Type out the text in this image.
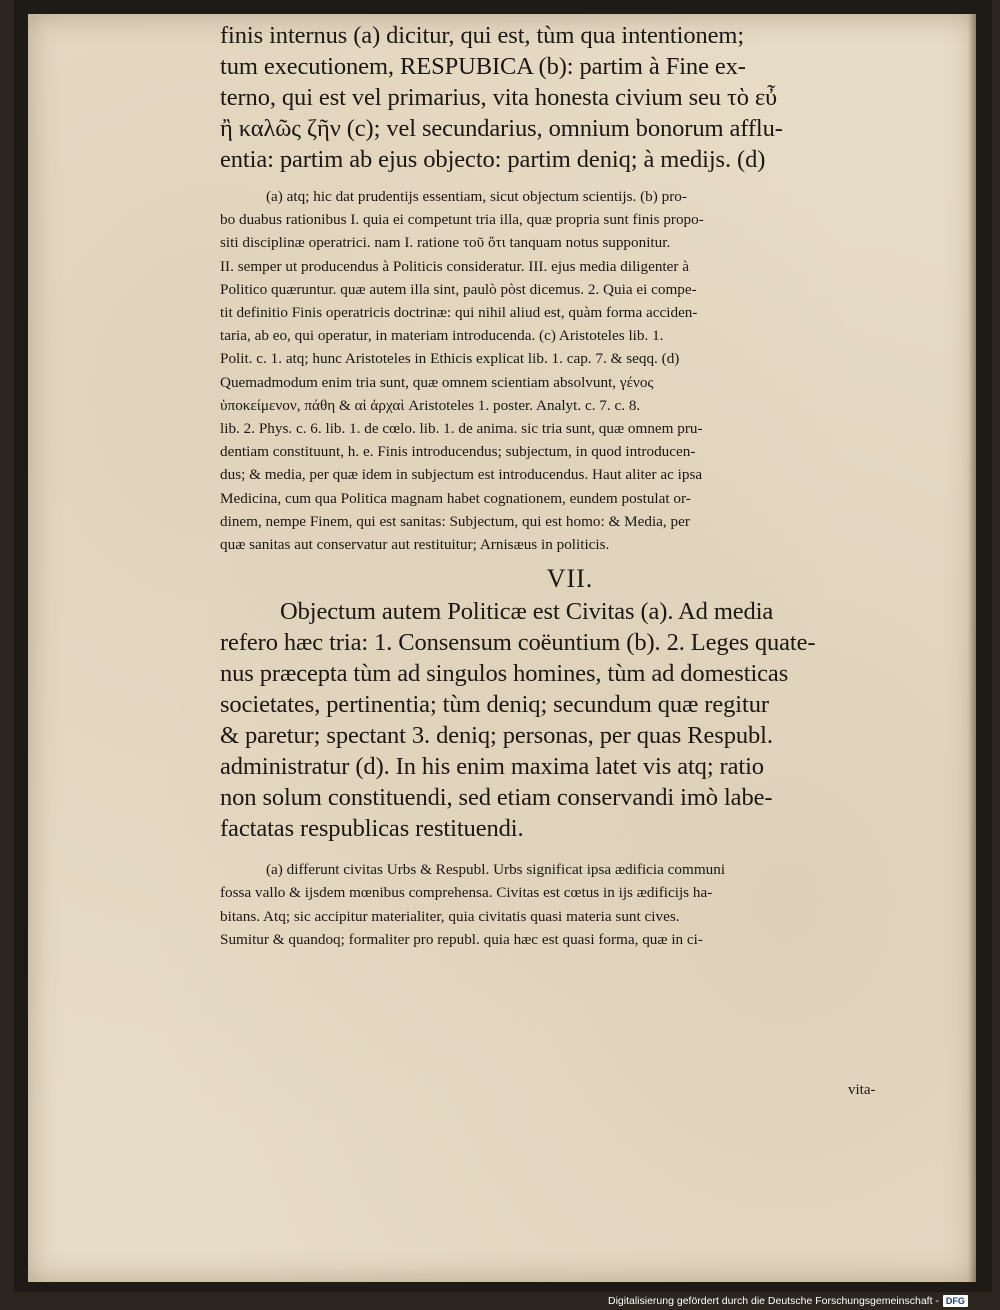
finis internus (a) dicitur, qui est, tùm qua intentionem;
tum executionem, RESPUBICA (b): partim à Fine ex-
terno, qui est vel primarius, vita honesta civium seu τὸ εὖ
ἢ καλῶς ζῆν (c); vel secundarius, omnium bonorum afflu-
entia: partim ab ejus objecto: partim deniq; à medijs. (d)

(a) atq; hic dat prudentijs essentiam, sicut objectum scientijs. (b) pro-
bo duabus rationibus I. quia ei competunt tria illa, quæ propria sunt finis propo-
siti disciplinæ operatrici. nam I. ratione τοῦ ὅτι tanquam notus supponitur.
II. semper ut producendus à Politicis consideratur. III. ejus media diligenter à
Politico quæruntur. quæ autem illa sint, paulò pòst dicemus. 2. Quia ei compe-
tit definitio Finis operatricis doctrinæ: qui nihil aliud est, quàm forma acciden-
taria, ab eo, qui operatur, in materiam introducenda. (c) Aristoteles lib. 1.
Polit. c. 1. atq; hunc Aristoteles in Ethicis explicat lib. 1. cap. 7. & seqq. (d)
Quemadmodum enim tria sunt, quæ omnem scientiam absolvunt, γένος
ὑποκείμενον, πάθη & αἱ ἀρχαὶ Aristoteles 1. poster. Analyt. c. 7. c. 8.
lib. 2. Phys. c. 6. lib. 1. de cœlo. lib. 1. de anima. sic tria sunt, quæ omnem pru-
dentiam constituunt, h. e. Finis introducendus; subjectum, in quod introducen-
dus; & media, per quæ idem in subjectum est introducendus. Haut aliter ac ipsa
Medicina, cum qua Politica magnam habet cognationem, eundem postulat or-
dinem, nempe Finem, qui est sanitas: Subjectum, qui est homo: & Media, per
quæ sanitas aut conservatur aut restituitur; Arnisæus in politicis.
VII.

Objectum autem Politicæ est Civitas (a). Ad media
refero hæc tria: 1. Consensum coëuntium (b). 2. Leges quate-
nus præcepta tùm ad singulos homines, tùm ad domesticas
societates, pertinentia; tùm deniq; secundum quæ regitur
& paretur; spectant 3. deniq; personas, per quas Respubl.
administratur (d). In his enim maxima latet vis atq; ratio
non solum constituendi, sed etiam conservandi imò labe-
factatas respublicas restituendi.

(a) differunt civitas Urbs & Respubl. Urbs significat ipsa ædificia communi
fossa vallo & ijsdem mœnibus comprehensa. Civitas est cœtus in ijs ædificijs ha-
bitans. Atq; sic accipitur materialiter, quia civitatis quasi materia sunt cives.
Sumitur & quandoq; formaliter pro republ. quia hæc est quasi forma, quæ in ci-
vita-
Digitalisierung gefördert durch die Deutsche Forschungsgemeinschaft - DFG
